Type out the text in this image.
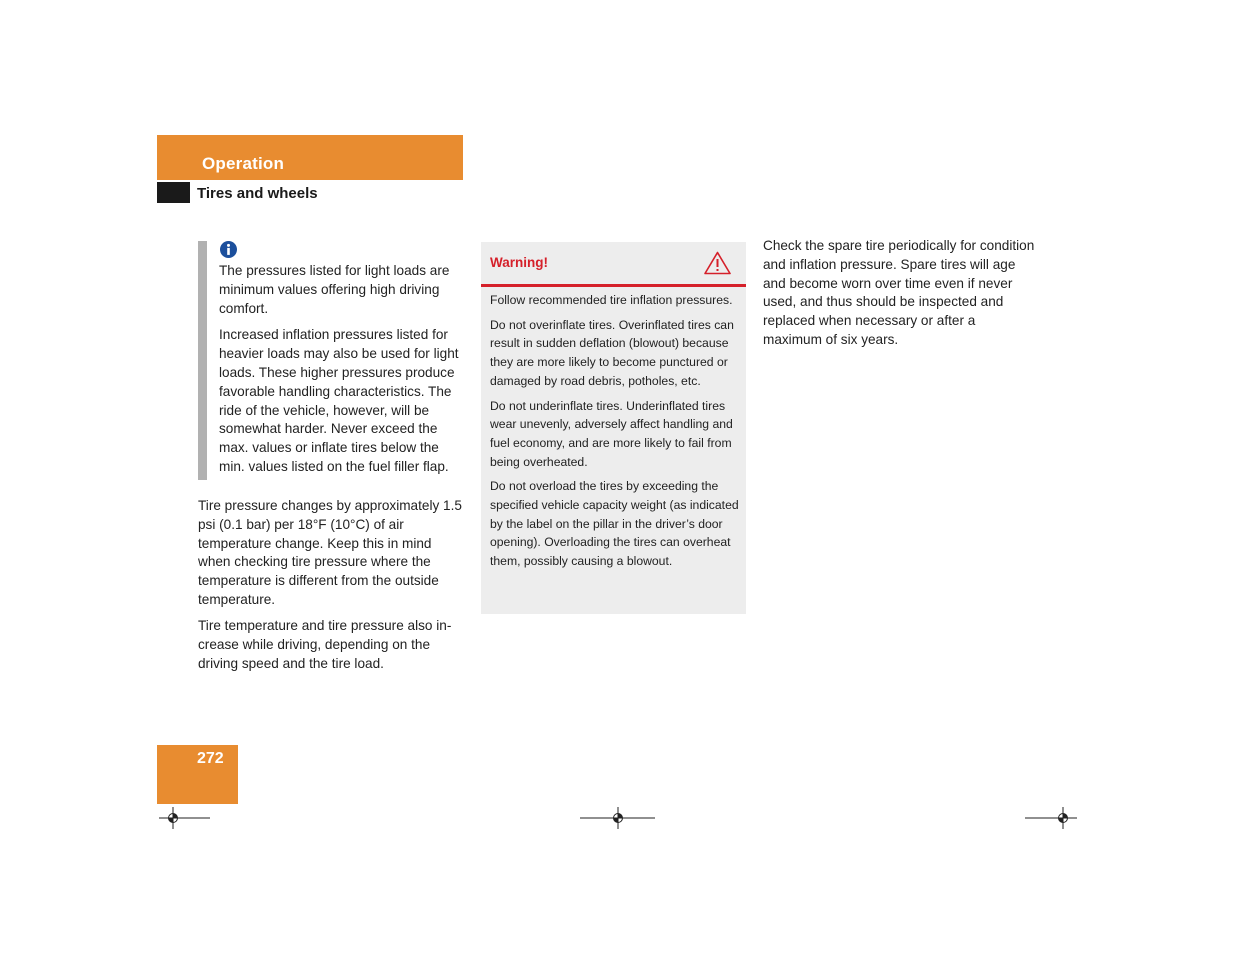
Operation
Tires and wheels

The pressures listed for light loads are minimum values offering high driving comfort.

Increased inflation pressures listed for heavier loads may also be used for light loads. These higher pressures produce favorable handling characteristics. The ride of the vehicle, however, will be somewhat harder. Never exceed the max. values or inflate tires below the min. values listed on the fuel filler flap.

Tire pressure changes by approximately 1.5 psi (0.1 bar) per 18°F (10°C) of air temperature change. Keep this in mind when checking tire pressure where the temperature is different from the outside temperature.

Tire temperature and tire pressure also increase while driving, depending on the driving speed and the tire load.

Warning!

Follow recommended tire inflation pressures.

Do not overinflate tires. Overinflated tires can result in sudden deflation (blowout) because they are more likely to become punctured or damaged by road debris, potholes, etc.

Do not underinflate tires. Underinflated tires wear unevenly, adversely affect handling and fuel economy, and are more likely to fail from being overheated.

Do not overload the tires by exceeding the specified vehicle capacity weight (as indicated by the label on the pillar in the driver’s door opening). Overloading the tires can overheat them, possibly causing a blowout.

Check the spare tire periodically for condition and inflation pressure. Spare tires will age and become worn over time even if never used, and thus should be inspected and replaced when necessary or after a maximum of six years.

272
